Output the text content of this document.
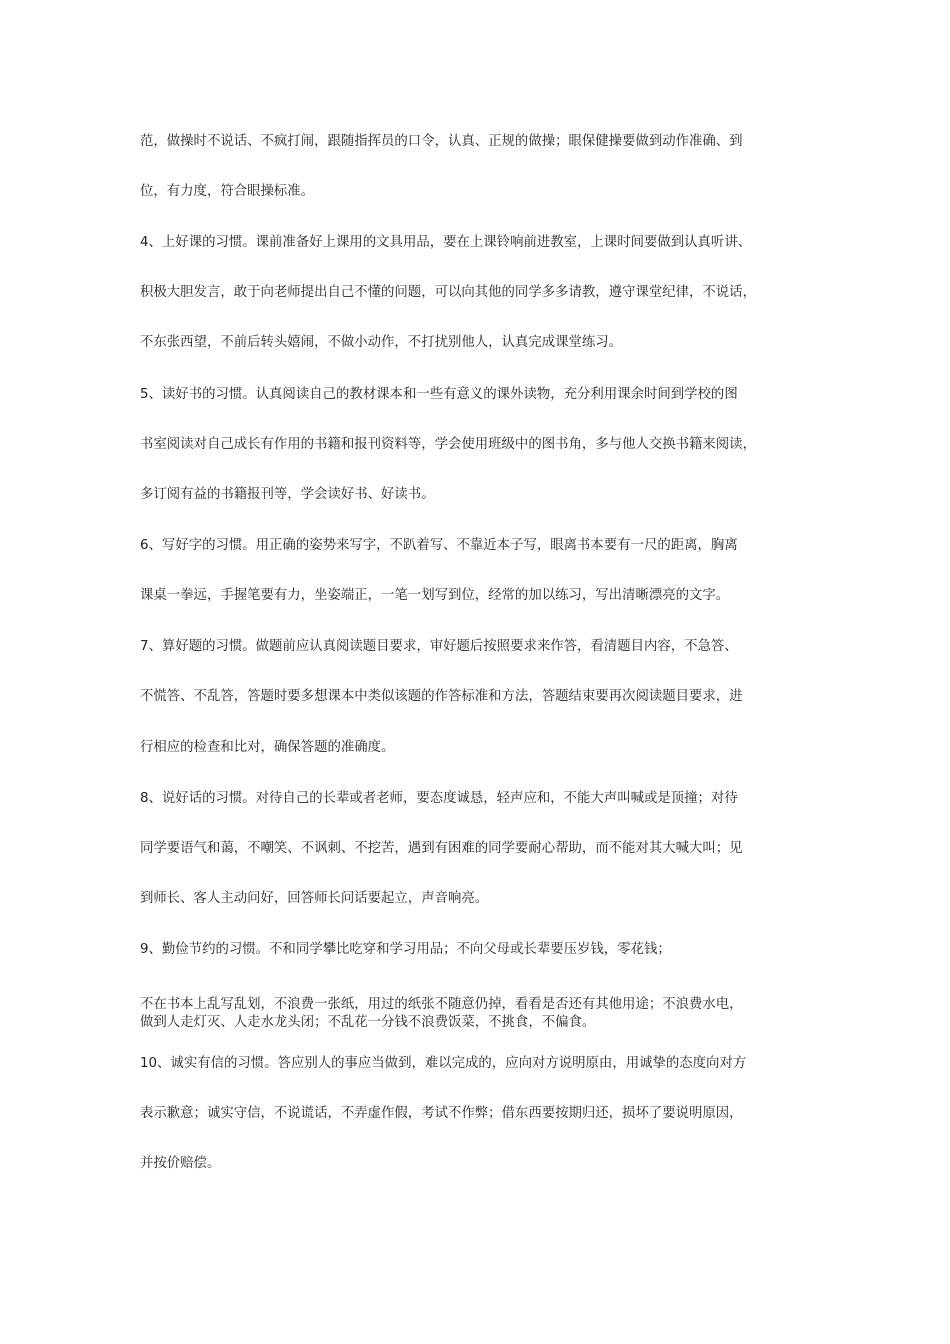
范，做操时不说话、不疯打闹，跟随指挥员的口令，认真、正规的做操；眼保健操要做到动作准确、到
位，有力度，符合眼操标准。
4、上好课的习惯。课前准备好上课用的文具用品，要在上课铃响前进教室，上课时间要做到认真听讲、
积极大胆发言，敢于向老师提出自己不懂的问题，可以向其他的同学多多请教，遵守课堂纪律，不说话，
不东张西望，不前后转头嬉闹，不做小动作，不打扰别他人，认真完成课堂练习。
5、读好书的习惯。认真阅读自己的教材课本和一些有意义的课外读物，充分利用课余时间到学校的图
书室阅读对自己成长有作用的书籍和报刊资料等，学会使用班级中的图书角，多与他人交换书籍来阅读，
多订阅有益的书籍报刊等，学会读好书、好读书。
6、写好字的习惯。用正确的姿势来写字，不趴着写、不靠近本子写，眼离书本要有一尺的距离，胸离
课桌一拳远，手握笔要有力，坐姿端正，一笔一划写到位，经常的加以练习，写出清晰漂亮的文字。
7、算好题的习惯。做题前应认真阅读题目要求，审好题后按照要求来作答，看清题目内容，不急答、
不慌答、不乱答，答题时要多想课本中类似该题的作答标准和方法，答题结束要再次阅读题目要求，进
行相应的检查和比对，确保答题的准确度。
8、说好话的习惯。对待自己的长辈或者老师，要态度诚恳，轻声应和，不能大声叫喊或是顶撞；对待
同学要语气和蔼，不嘲笑、不讽刺、不挖苦，遇到有困难的同学要耐心帮助，而不能对其大喊大叫；见
到师长、客人主动问好，回答师长问话要起立，声音响亮。
9、勤俭节约的习惯。不和同学攀比吃穿和学习用品；不向父母或长辈要压岁钱，零花钱；
不在书本上乱写乱划，不浪费一张纸，用过的纸张不随意仍掉，看看是否还有其他用途；不浪费水电，
做到人走灯灭、人走水龙头闭；不乱花一分钱不浪费饭菜，不挑食，不偏食。
10、诚实有信的习惯。答应别人的事应当做到，难以完成的，应向对方说明原由，用诚挚的态度向对方
表示歉意；诚实守信，不说谎话，不弄虚作假，考试不作弊；借东西要按期归还，损坏了要说明原因，
并按价赔偿。
